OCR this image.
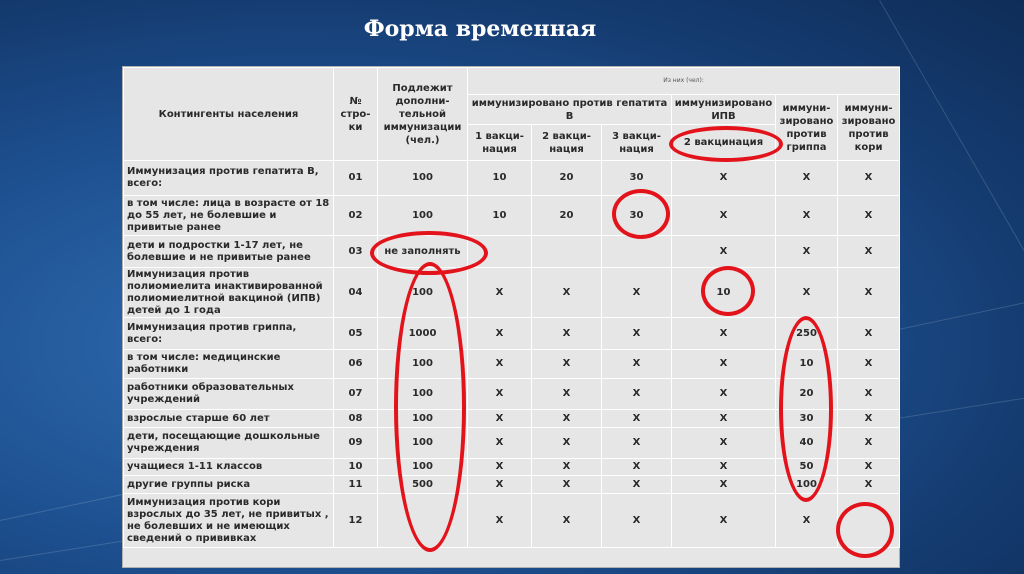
Форма временная
Контингенты населения	№ стро-ки	Подлежит дополни-тельной иммунизации (чел.)	Из них (чел):					
			иммунизировано против гепатита В			иммунизировано ИПВ	иммуни-зировано против гриппа	иммуни-зировано против кори
			1 вакци-нация	2 вакци-нация	3 вакци-нация	2 вакцинация		
Иммунизация против гепатита В, всего:	01	100	10	20	30	Х	Х	Х
в том числе: лица в возрасте от 18 до 55 лет, не болевшие и привитые ранее	02	100	10	20	30	Х	Х	Х
дети и подростки 1-17 лет, не болевшие и не привитые ранее	03	не заполнять				Х	Х	Х
Иммунизация против полиомиелита инактивированной полиомиелитной вакциной (ИПВ) детей до 1 года	04	100	Х	Х	Х	10	Х	Х
Иммунизация против гриппа, всего:	05	1000	Х	Х	Х	Х	250	Х
в том числе: медицинские работники	06	100	Х	Х	Х	Х	10	Х
работники образовательных учреждений	07	100	Х	Х	Х	Х	20	Х
взрослые старше 60 лет	08	100	Х	Х	Х	Х	30	Х
дети, посещающие дошкольные учреждения	09	100	Х	Х	Х	Х	40	Х
учащиеся 1-11 классов	10	100	Х	Х	Х	Х	50	Х
другие группы риска	11	500	Х	Х	Х	Х	100	Х
Иммунизация против кори взрослых до 35 лет, не привитых , не болевших и не имеющих сведений о прививках	12		Х	Х	Х	Х	Х	
